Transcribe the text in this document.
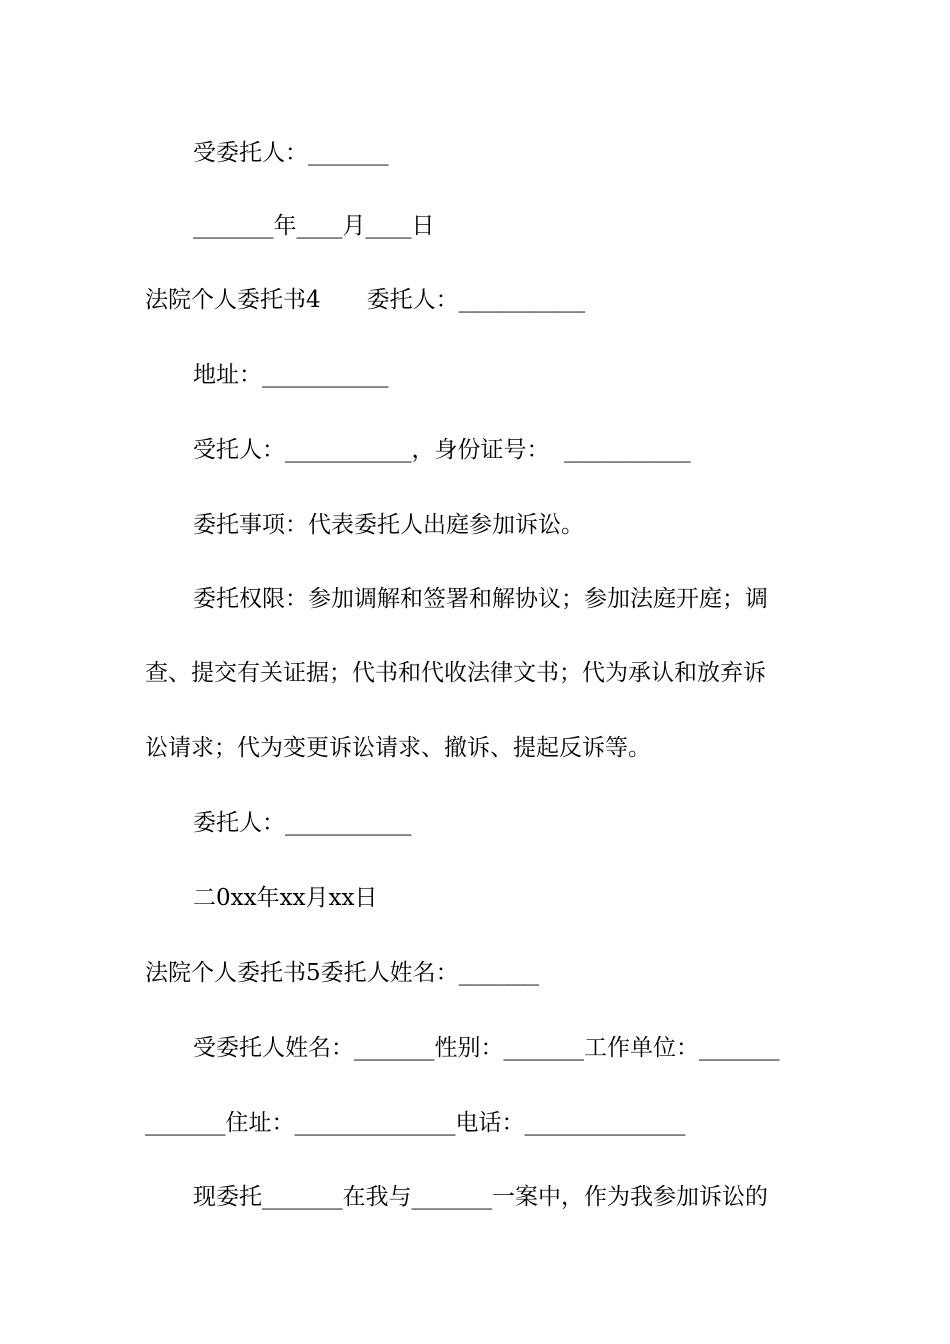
受委托人：_______
_______年____月____日
法院个人委托书4　　委托人：___________
地址：___________
受托人：___________，身份证号：  ___________
委托事项：代表委托人出庭参加诉讼。
委托权限：参加调解和签署和解协议；参加法庭开庭；调
查、提交有关证据；代书和代收法律文书；代为承认和放弃诉
讼请求；代为变更诉讼请求、撤诉、提起反诉等。
委托人：___________
二0xx年xx月xx日
法院个人委托书5委托人姓名：_______
受委托人姓名：_______性别：_______工作单位：_______
_______住址：______________电话：______________
现委托_______在我与_______一案中，作为我参加诉讼的
